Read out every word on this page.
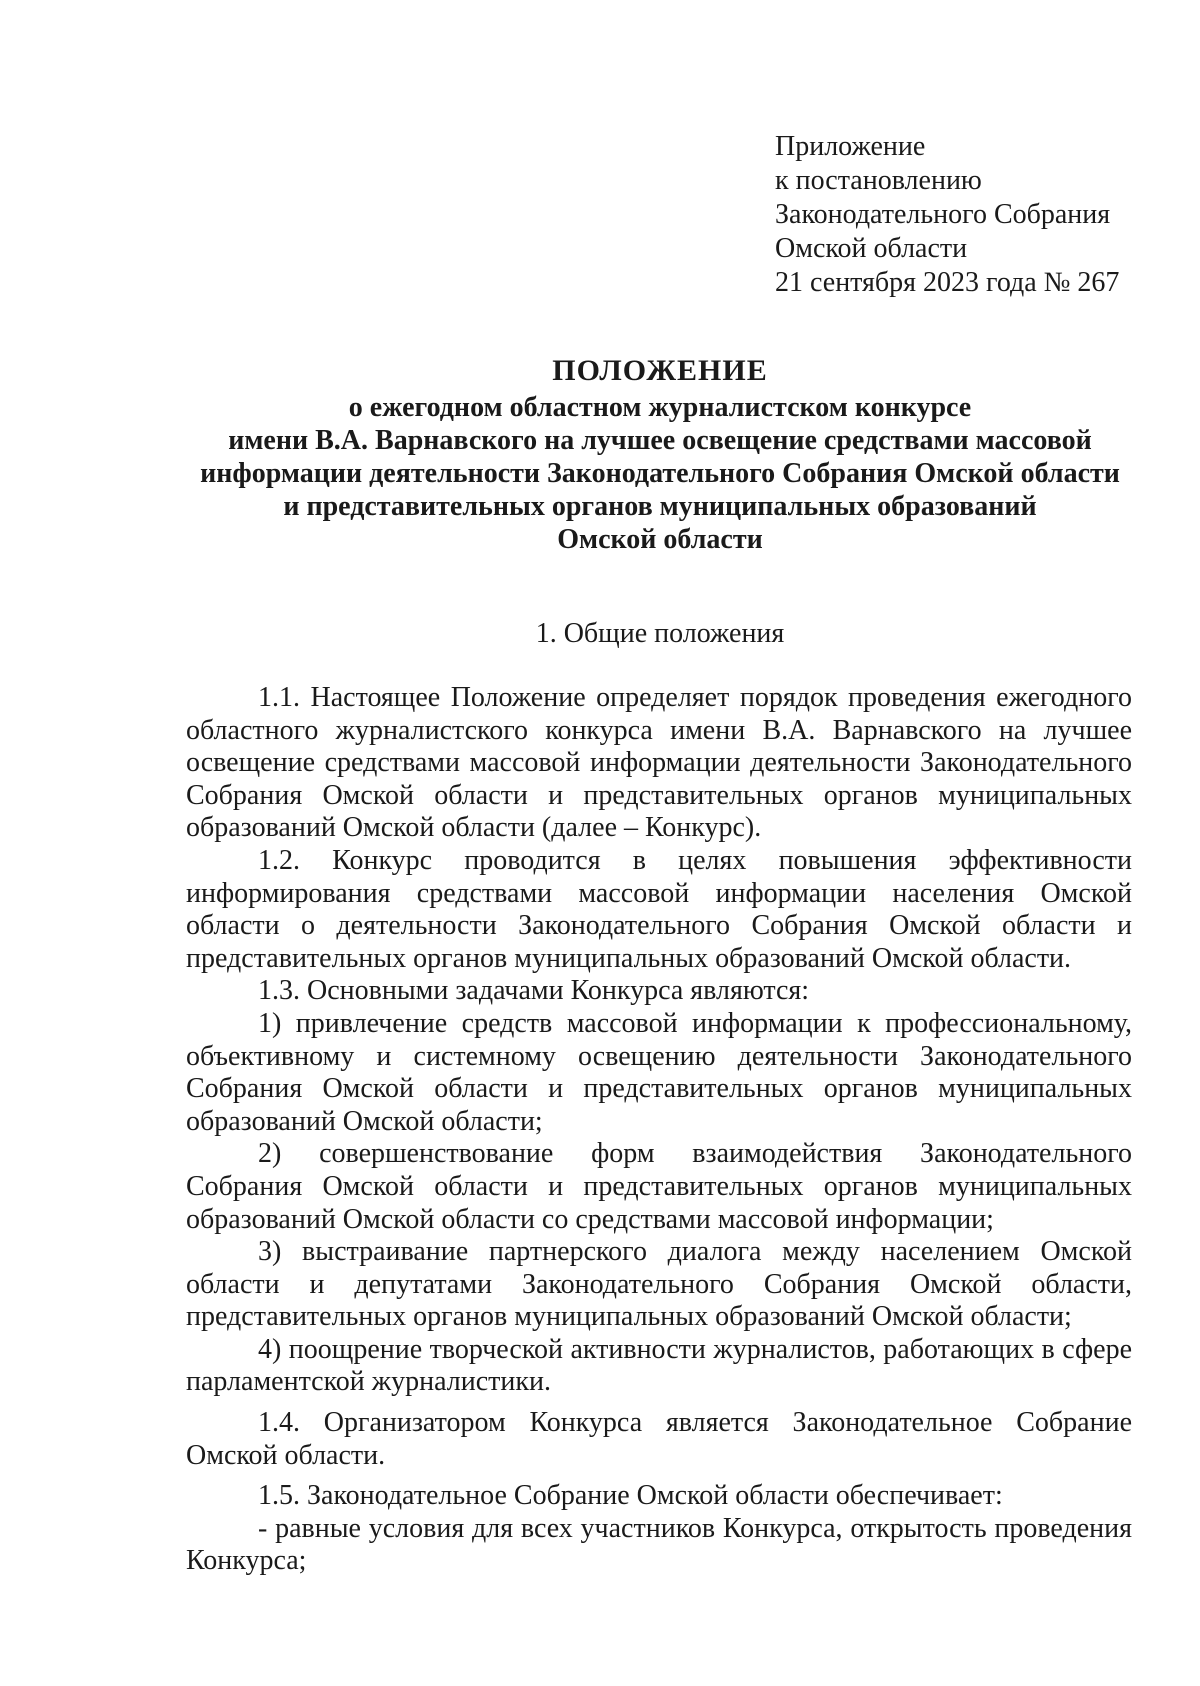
Приложение
к постановлению
Законодательного Собрания
Омской области
21 сентября 2023 года № 267
ПОЛОЖЕНИЕ
о ежегодном областном журналистском конкурсе
имени В.А. Варнавского на лучшее освещение средствами массовой
информации деятельности Законодательного Собрания Омской области
и представительных органов муниципальных образований
Омской области
1. Общие положения

1.1. Настоящее Положение определяет порядок проведения ежегодного областного журналистского конкурса имени В.А. Варнавского на лучшее освещение средствами массовой информации деятельности Законодательного Собрания Омской области и представительных органов муниципальных образований Омской области (далее – Конкурс).

1.2. Конкурс проводится в целях повышения эффективности информирования средствами массовой информации населения Омской области о деятельности Законодательного Собрания Омской области и представительных органов муниципальных образований Омской области.

1.3. Основными задачами Конкурса являются:

1) привлечение средств массовой информации к профессиональному, объективному и системному освещению деятельности Законодательного Собрания Омской области и представительных органов муниципальных образований Омской области;

2) совершенствование форм взаимодействия Законодательного Собрания Омской области и представительных органов муниципальных образований Омской области со средствами массовой информации;

3) выстраивание партнерского диалога между населением Омской области и депутатами Законодательного Собрания Омской области, представительных органов муниципальных образований Омской области;

4) поощрение творческой активности журналистов, работающих в сфере парламентской журналистики.

1.4. Организатором Конкурса является Законодательное Собрание Омской области.

1.5. Законодательное Собрание Омской области обеспечивает:

- равные условия для всех участников Конкурса, открытость проведения Конкурса;
